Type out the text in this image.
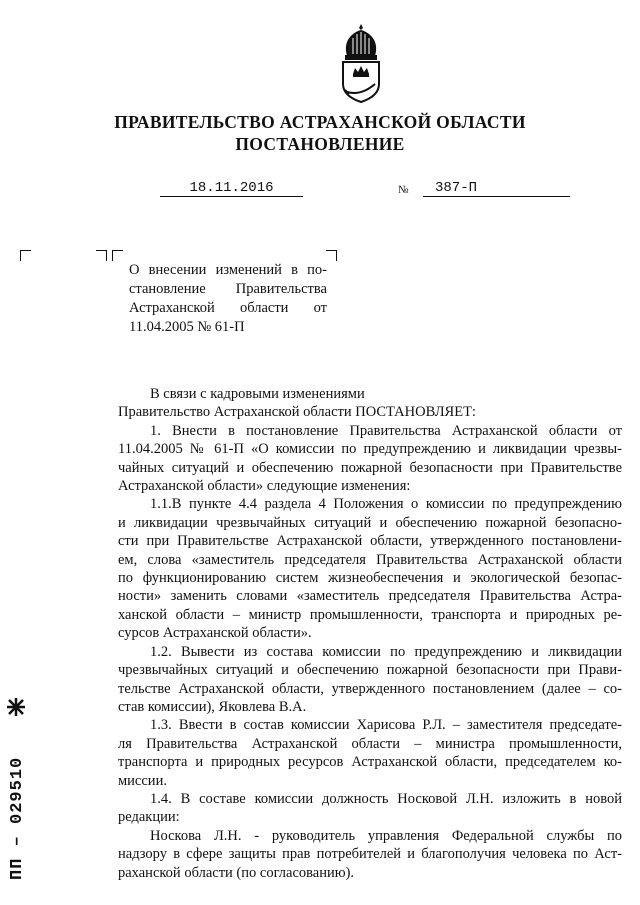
ПРАВИТЕЛЬСТВО АСТРАХАНСКОЙ ОБЛАСТИ
ПОСТАНОВЛЕНИЕ
18.11.2016	№	387-П
О внесении изменений в по-
становление Правительства
Астраханской области от
11.04.2005 № 61-П
В связи с кадровыми изменениями
Правительство Астраханской области ПОСТАНОВЛЯЕТ:
1. Внести в постановление Правительства Астраханской области от
11.04.2005 № 61-П «О комиссии по предупреждению и ликвидации чрезвы-
чайных ситуаций и обеспечению пожарной безопасности при Правительстве
Астраханской области» следующие изменения:
1.1.В пункте 4.4 раздела 4 Положения о комиссии по предупреждению
и ликвидации чрезвычайных ситуаций и обеспечению пожарной безопасно-
сти при Правительстве Астраханской области, утвержденного постановлени-
ем, слова «заместитель председателя Правительства Астраханской области
по функционированию систем жизнеобеспечения и экологической безопас-
ности» заменить словами «заместитель председателя Правительства Астра-
ханской области – министр промышленности, транспорта и природных ре-
сурсов Астраханской области».
1.2. Вывести из состава комиссии по предупреждению и ликвидации
чрезвычайных ситуаций и обеспечению пожарной безопасности при Прави-
тельстве Астраханской области, утвержденного постановлением (далее – со-
став комиссии), Яковлева В.А.
1.3. Ввести в состав комиссии Харисова Р.Л. – заместителя председате-
ля Правительства Астраханской области – министра промышленности,
транспорта и природных ресурсов Астраханской области, председателем ко-
миссии.
1.4. В составе комиссии должность Носковой Л.Н. изложить в новой
редакции:
Носкова Л.Н. - руководитель управления Федеральной службы по
надзору в сфере защиты прав потребителей и благополучия человека по Аст-
раханской области (по согласованию).
ПП – 029510
